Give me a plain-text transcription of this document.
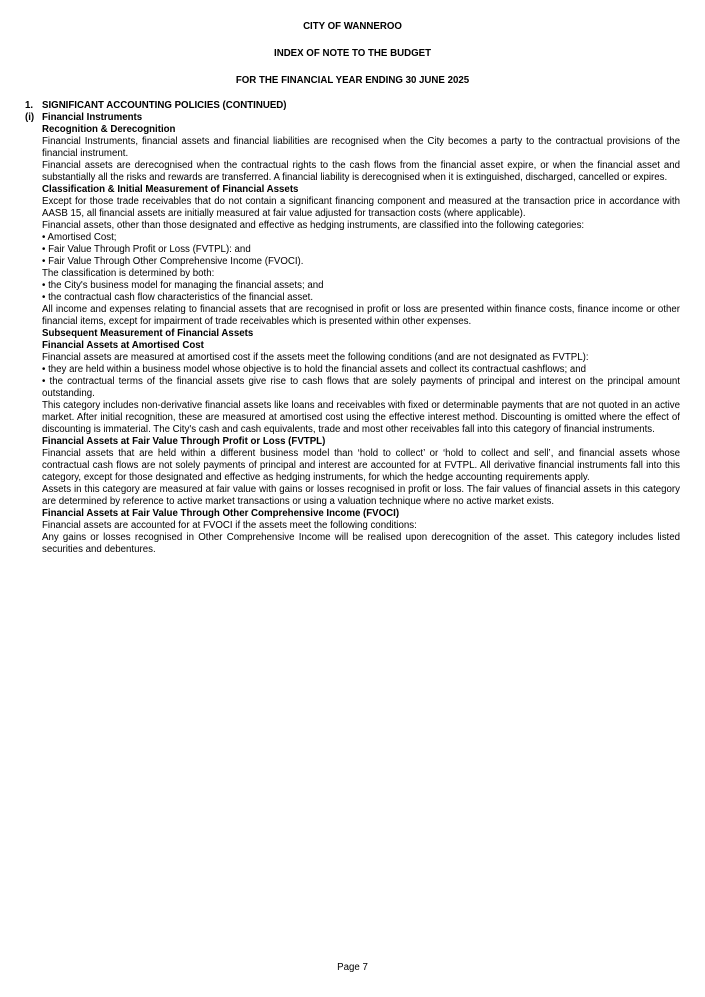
CITY OF WANNEROO
INDEX OF NOTE TO THE BUDGET
FOR THE FINANCIAL YEAR ENDING 30 JUNE 2025
1. SIGNIFICANT ACCOUNTING POLICIES (CONTINUED)
(i) Financial Instruments
Recognition & Derecognition

Financial Instruments, financial assets and financial liabilities are recognised when the City becomes a party to the contractual provisions of the financial instrument.

Financial assets are derecognised when the contractual rights to the cash flows from the financial asset expire, or when the financial asset and substantially all the risks and rewards are transferred. A financial liability is derecognised when it is extinguished, discharged, cancelled or expires.

Classification & Initial Measurement of Financial Assets

Except for those trade receivables that do not contain a significant financing component and measured at the transaction price in accordance with AASB 15, all financial assets are initially measured at fair value adjusted for transaction costs (where applicable).

Financial assets, other than those designated and effective as hedging instruments, are classified into the following categories:

• Amortised Cost;
• Fair Value Through Profit or Loss (FVTPL): and
• Fair Value Through Other Comprehensive Income (FVOCI).

The classification is determined by both:

• the City's business model for managing the financial assets; and
• the contractual cash flow characteristics of the financial asset.

All income and expenses relating to financial assets that are recognised in profit or loss are presented within finance costs, finance income or other financial items, except for impairment of trade receivables which is presented within other expenses.

Subsequent Measurement of Financial Assets
Financial Assets at Amortised Cost

Financial assets are measured at amortised cost if the assets meet the following conditions (and are not designated as FVTPL):

• they are held within a business model whose objective is to hold the financial assets and collect its contractual cashflows; and
• the contractual terms of the financial assets give rise to cash flows that are solely payments of principal and interest on the principal amount outstanding.

This category includes non-derivative financial assets like loans and receivables with fixed or determinable payments that are not quoted in an active market. After initial recognition, these are measured at amortised cost using the effective interest method. Discounting is omitted where the effect of discounting is immaterial. The City's cash and cash equivalents, trade and most other receivables fall into this category of financial instruments.

Financial Assets at Fair Value Through Profit or Loss (FVTPL)

Financial assets that are held within a different business model than ‘hold to collect’ or ‘hold to collect and sell’, and financial assets whose contractual cash flows are not solely payments of principal and interest are accounted for at FVTPL. All derivative financial instruments fall into this category, except for those designated and effective as hedging instruments, for which the hedge accounting requirements apply.

Assets in this category are measured at fair value with gains or losses recognised in profit or loss. The fair values of financial assets in this category are determined by reference to active market transactions or using a valuation technique where no active market exists.

Financial Assets at Fair Value Through Other Comprehensive Income (FVOCI)

Financial assets are accounted for at FVOCI if the assets meet the following conditions:

Any gains or losses recognised in Other Comprehensive Income will be realised upon derecognition of the asset. This category includes listed securities and debentures.

Page 7
